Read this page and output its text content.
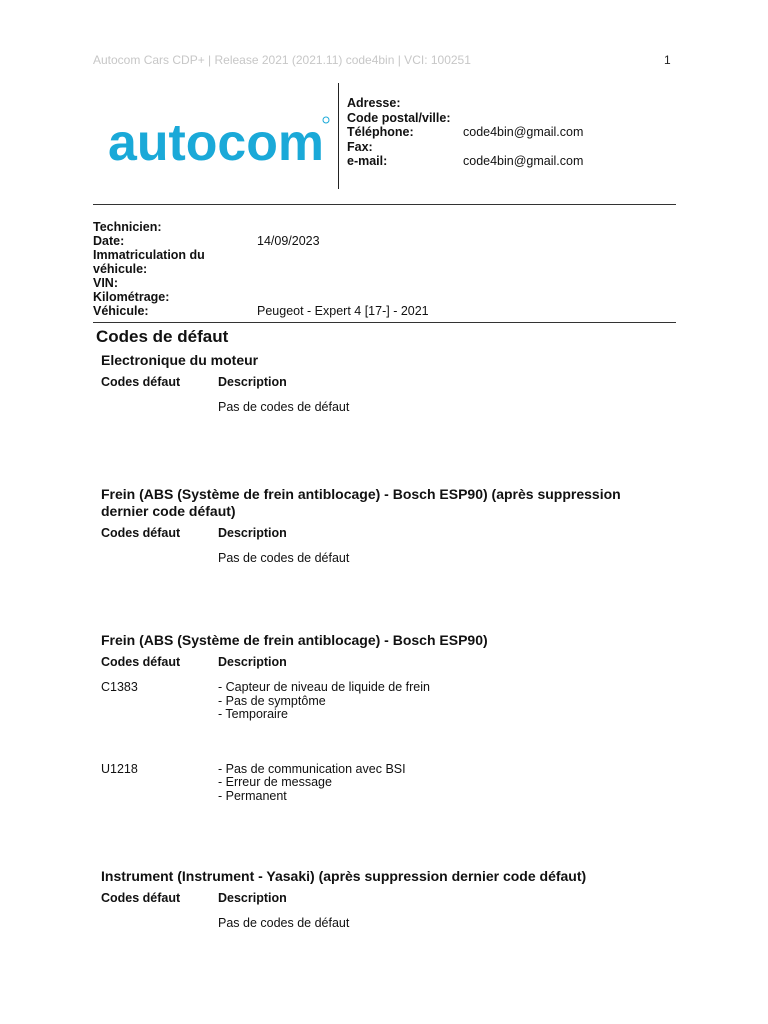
Autocom Cars CDP+ | Release 2021 (2021.11) code4bin | VCI: 100251	1
autocom
Adresse:
Code postal/ville:
Téléphone:	code4bin@gmail.com
Fax:
e-mail:	code4bin@gmail.com
Technicien:
Date:	14/09/2023
Immatriculation du véhicule:
VIN:
Kilométrage:
Véhicule:	Peugeot - Expert 4 [17-] - 2021
Codes de défaut
Electronique du moteur
Codes défaut	Description
Pas de codes de défaut
Frein (ABS (Système de frein antiblocage) - Bosch ESP90) (après suppression dernier code défaut)
Codes défaut	Description
Pas de codes de défaut
Frein (ABS (Système de frein antiblocage) - Bosch ESP90)
Codes défaut	Description
C1383	- Capteur de niveau de liquide de frein
- Pas de symptôme
- Temporaire
U1218	- Pas de communication avec BSI
- Erreur de message
- Permanent
Instrument (Instrument - Yasaki) (après suppression dernier code défaut)
Codes défaut	Description
Pas de codes de défaut
